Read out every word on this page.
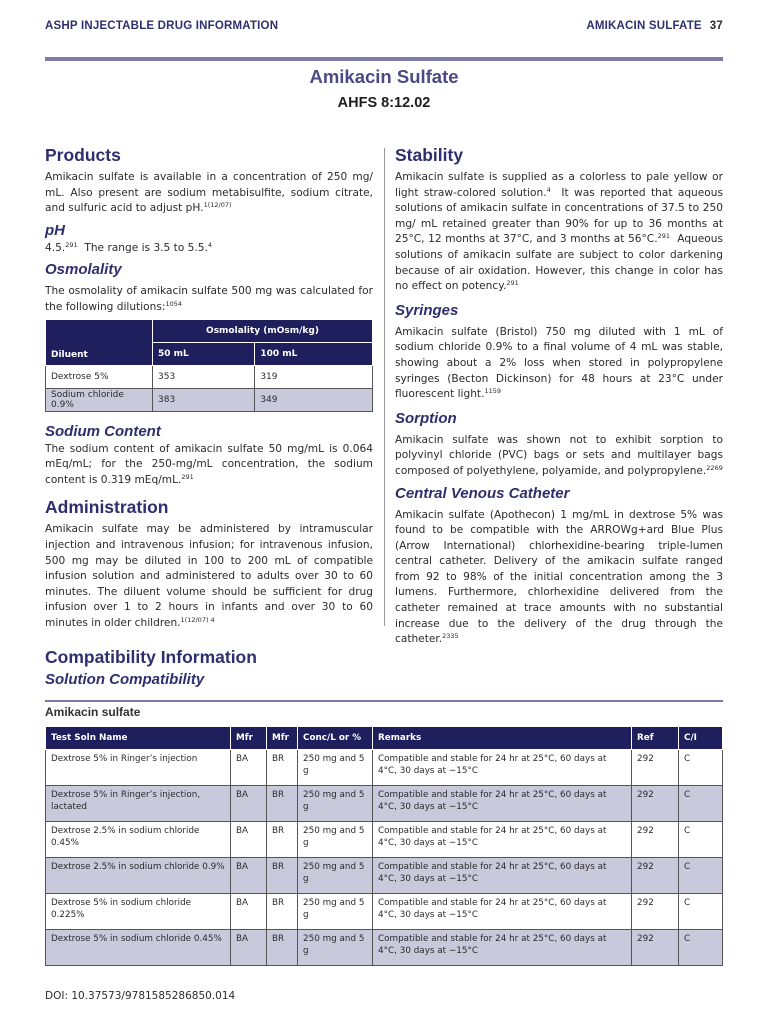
ASHP INJECTABLE DRUG INFORMATION	AMIKACIN SULFATE 37
Amikacin Sulfate
AHFS 8:12.02
Products

Amikacin sulfate is available in a concentration of 250 mg/ mL. Also present are sodium metabisulfite, sodium citrate, and sulfuric acid to adjust pH.$^{1(12/07)}$

pH

4.5.$^{291}$  The range is 3.5 to 5.5.$^4$

Osmolality

The osmolality of amikacin sulfate 500 mg was calculated for the following dilutions:$^{1054}$

Diluent	Osmolality (mOsm/kg)	
	50 mL	100 mL
Dextrose 5%	353	319
Sodium chloride 0.9%	383	349
Sodium Content

The sodium content of amikacin sulfate 50 mg/mL is 0.064 mEq/mL; for the 250-mg/mL concentration, the sodium content is 0.319 mEq/mL.$^{291}$

Administration

Amikacin sulfate may be administered by intramuscular injection and intravenous infusion; for intravenous infusion, 500 mg may be diluted in 100 to 200 mL of compatible infusion solution and administered to adults over 30 to 60 minutes. The diluent volume should be sufficient for drug infusion over 1 to 2 hours in infants and over 30 to 60 minutes in older children.$^{1(12/07) 4}$

Stability

Amikacin sulfate is supplied as a colorless to pale yellow or light straw-colored solution.$^4$  It was reported that aqueous solutions of amikacin sulfate in concentrations of 37.5 to 250 mg/ mL retained greater than 90% for up to 36 months at 25°C, 12 months at 37°C, and 3 months at 56°C.$^{291}$  Aqueous solutions of amikacin sulfate are subject to color darkening because of air oxidation. However, this change in color has no effect on potency.$^{291}$

Syringes

Amikacin sulfate (Bristol) 750 mg diluted with 1 mL of sodium chloride 0.9% to a final volume of 4 mL was stable, showing about a 2% loss when stored in polypropylene syringes (Becton Dickinson) for 48 hours at 23°C under fluorescent light.$^{1159}$

Sorption

Amikacin sulfate was shown not to exhibit sorption to polyvinyl chloride (PVC) bags or sets and multilayer bags composed of polyethylene, polyamide, and polypropylene.$^{2269}$

Central Venous Catheter

Amikacin sulfate (Apothecon) 1 mg/mL in dextrose 5% was found to be compatible with the ARROWg+ard Blue Plus (Arrow International) chlorhexidine-bearing triple-lumen central catheter. Delivery of the amikacin sulfate ranged from 92 to 98% of the initial concentration among the 3 lumens. Furthermore, chlorhexidine delivered from the catheter remained at trace amounts with no substantial increase due to the delivery of the drug through the catheter.$^{2335}$

Compatibility Information
Solution Compatibility
Amikacin sulfate
Test Soln Name	Mfr	Mfr	Conc/L or %	Remarks	Ref	C/I
Dextrose 5% in Ringer’s injection	BA	BR	250 mg and 5 g	Compatible and stable for 24 hr at 25°C, 60 days at 4°C, 30 days at −15°C	292	C
Dextrose 5% in Ringer’s injection, lactated	BA	BR	250 mg and 5 g	Compatible and stable for 24 hr at 25°C, 60 days at 4°C, 30 days at −15°C	292	C
Dextrose 2.5% in sodium chloride 0.45%	BA	BR	250 mg and 5 g	Compatible and stable for 24 hr at 25°C, 60 days at 4°C, 30 days at −15°C	292	C
Dextrose 2.5% in sodium chloride 0.9%	BA	BR	250 mg and 5 g	Compatible and stable for 24 hr at 25°C, 60 days at 4°C, 30 days at −15°C	292	C
Dextrose 5% in sodium chloride 0.225%	BA	BR	250 mg and 5 g	Compatible and stable for 24 hr at 25°C, 60 days at 4°C, 30 days at −15°C	292	C
Dextrose 5% in sodium chloride 0.45%	BA	BR	250 mg and 5 g	Compatible and stable for 24 hr at 25°C, 60 days at 4°C, 30 days at −15°C	292	C
DOI: 10.37573/9781585286850.014
